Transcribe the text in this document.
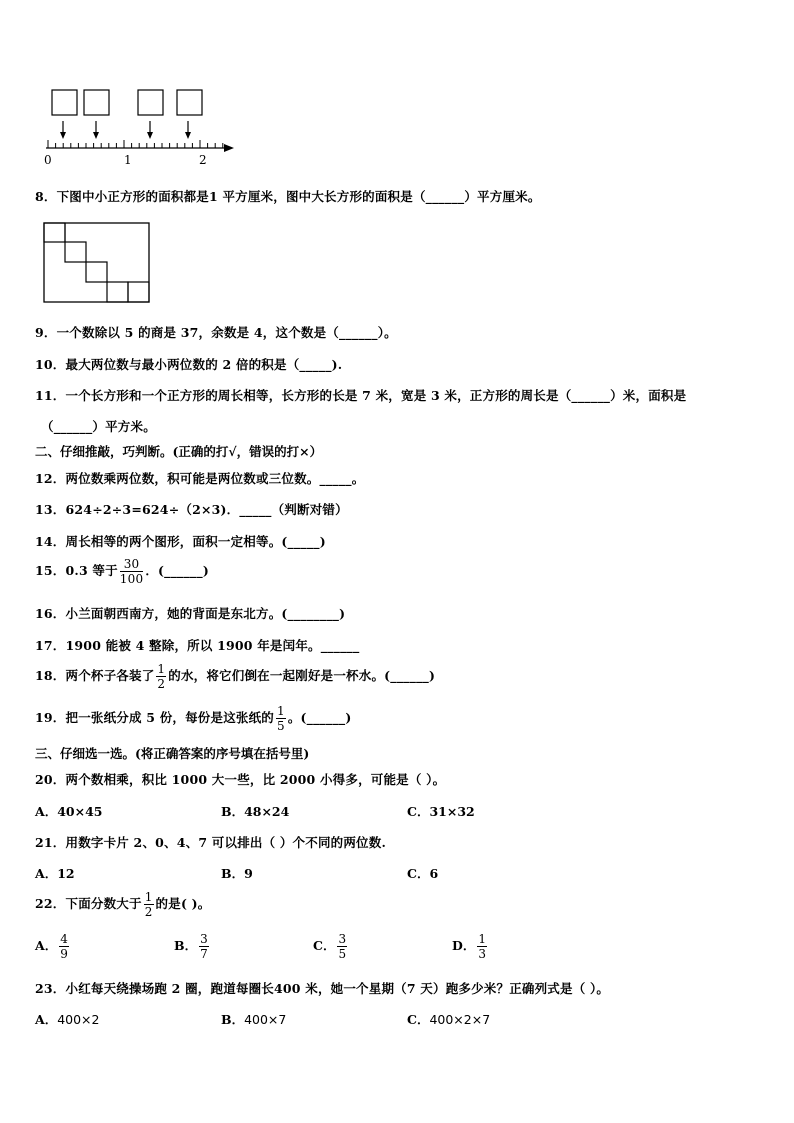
0	1	2
8．下图中小正方形的面积都是1 平方厘米，图中大长方形的面积是（______）平方厘米。
9．一个数除以 5 的商是 37，余数是 4，这个数是（______）。
10．最大两位数与最小两位数的 2 倍的积是（_____).
11．一个长方形和一个正方形的周长相等，长方形的长是 7 米，宽是 3 米，正方形的周长是（______）米，面积是
（______）平方米。
二、仔细推敲，巧判断。(正确的打√，错误的打×）
12．两位数乘两位数，积可能是两位数或三位数。_____。
13．624÷2÷3=624÷（2×3)．_____（判断对错）
14．周长相等的两个图形，面积一定相等。(_____)
15．0.3 等于 $\frac{30}{100}$ ．(______)
16．小兰面朝西南方，她的背面是东北方。(________)
17．1900 能被 4 整除，所以 1900 年是闰年。______
18．两个杯子各装了 $\frac{1}{2}$ 的水，将它们倒在一起刚好是一杯水。(______)
19．把一张纸分成 5 份，每份是这张纸的 $\frac{1}{5}$ 。(______)
三、仔细选一选。(将正确答案的序号填在括号里)
20．两个数相乘，积比 1000 大一些，比 2000 小得多，可能是（ ）。
A．40×45	B．48×24	C．31×32
21．用数字卡片 2、0、4、7 可以排出（ ）个不同的两位数.
A．12	B．9	C．6
22．下面分数大于 $\frac{1}{2}$ 的是( )。
A． $\frac{4}{9}$	B． $\frac{3}{7}$	C． $\frac{3}{5}$	D． $\frac{1}{3}$
23．小红每天绕操场跑 2 圈，跑道每圈长400 米，她一个星期（7 天）跑多少米？正确列式是（ ）。
A．400×2	B．400×7	C．400×2×7
